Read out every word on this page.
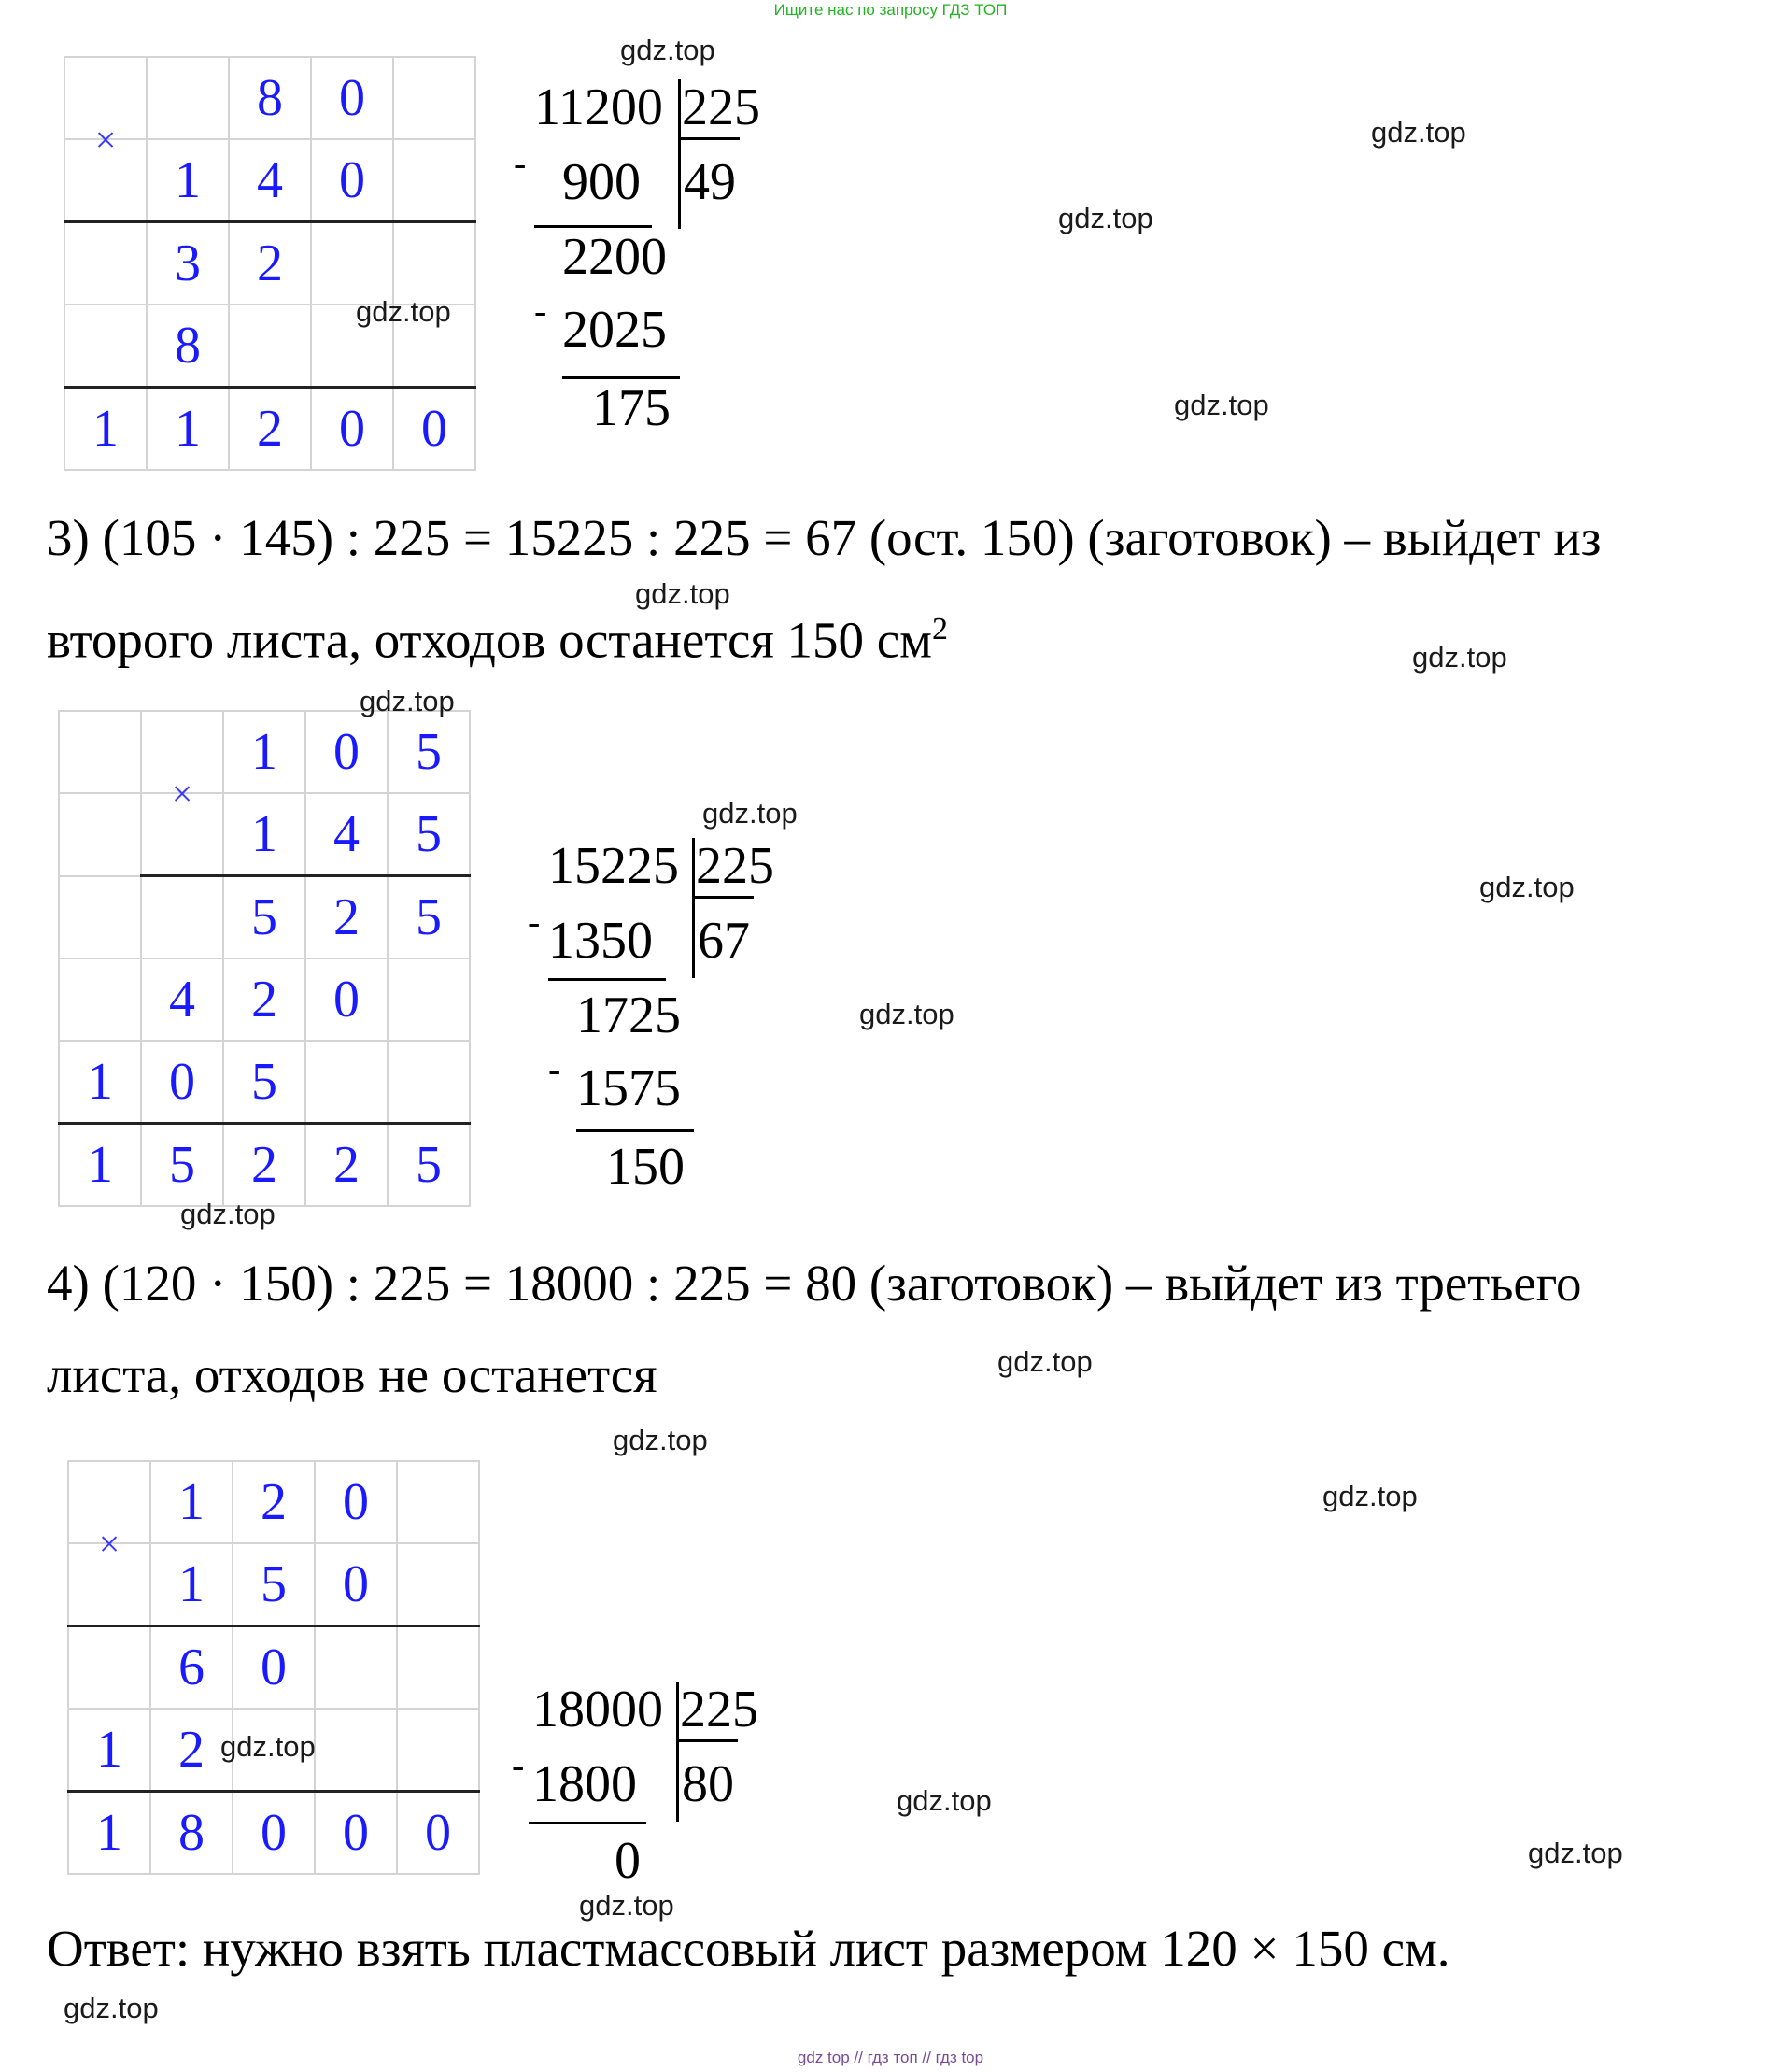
Ищите нас по запросу ГДЗ ТОП
		8	0	
×	1	4	0	
	3	2		
	8			
1	1	2	0	0
11200 225
- 900 49
2200
- 2025
175
3) (105 · 145) : 225 = 15225 : 225 = 67 (ост. 150) (заготовок) – выйдет из
второго листа, отходов останется 150 $см^2$
		1	0	5
	×	1	4	5
		5	2	5
	4	2	0	
1	0	5		
1	5	2	2	5
15225 225
- 1350 67
1725
- 1575
150
4) (120 · 150) : 225 = 18000 : 225 = 80 (заготовок) – выйдет из третьего
листа, отходов не останется
	1	2	0	
×	1	5	0	
	6	0		
1	2			
1	8	0	0	0
18000 225
- 1800 80
0
Ответ: нужно взять пластмассовый лист размером 120 × 150 см.
gdz.top
gdz.top
gdz.top
gdz.top
gdz.top
gdz.top
gdz.top
gdz.top
gdz.top
gdz.top
gdz.top
gdz.top
gdz.top
gdz.top
gdz.top
gdz.top
gdz.top
gdz.top
gdz.top
gdz.top
gdz top // гдз топ // гдз top
